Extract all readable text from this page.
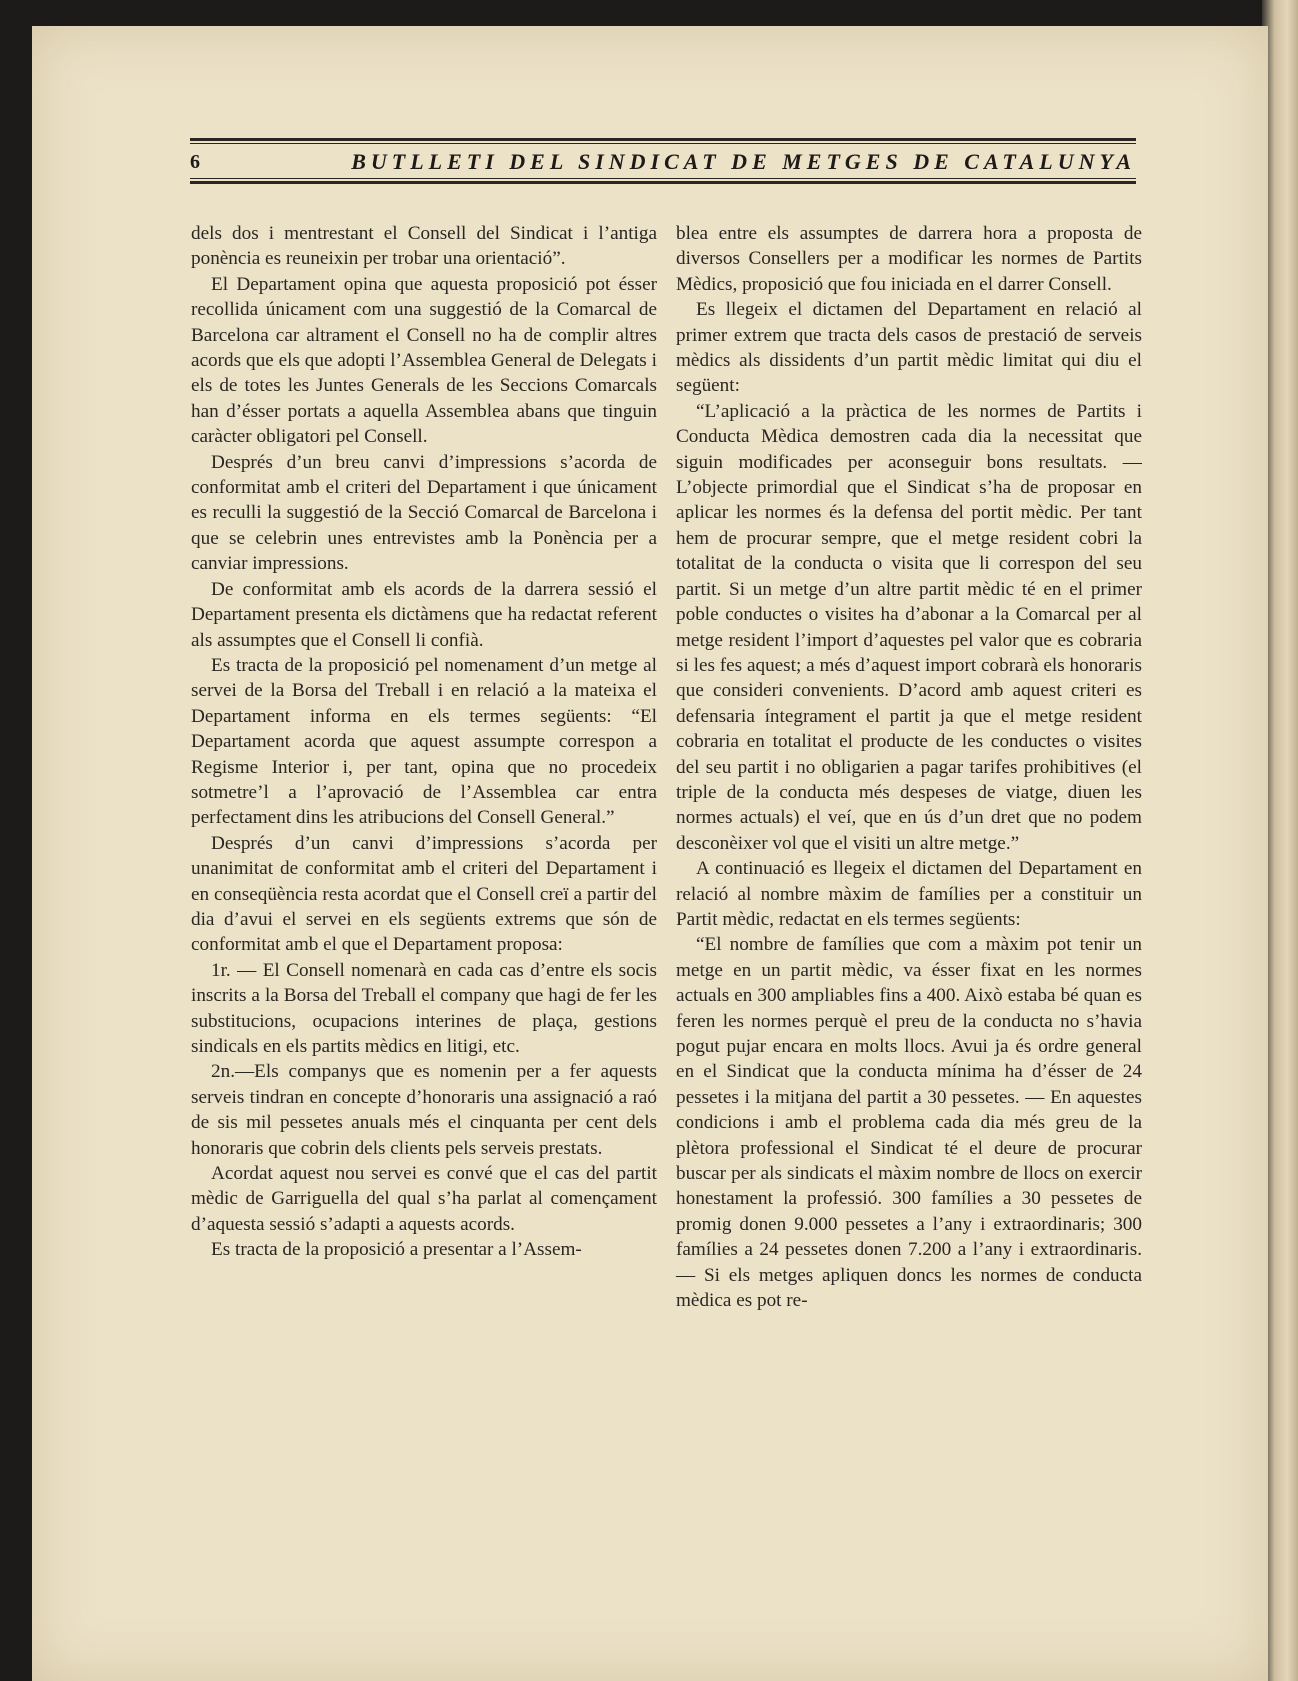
6	BUTLLETI DEL SINDICAT DE METGES DE CATALUNYA

dels dos i mentrestant el Consell del Sindicat i l’antiga ponència es reuneixin per trobar una orientació”.

El Departament opina que aquesta proposició pot ésser recollida únicament com una suggestió de la Comarcal de Barcelona car altrament el Consell no ha de complir altres acords que els que adopti l’Assemblea General de Delegats i els de totes les Juntes Generals de les Seccions Comarcals han d’ésser portats a aquella Assemblea abans que tinguin caràcter obligatori pel Consell.

Després d’un breu canvi d’impressions s’acorda de conformitat amb el criteri del Departament i que únicament es reculli la suggestió de la Secció Comarcal de Barcelona i que se celebrin unes entrevistes amb la Ponència per a canviar impressions.

De conformitat amb els acords de la darrera sessió el Departament presenta els dictàmens que ha redactat referent als assumptes que el Consell li confià.

Es tracta de la proposició pel nomenament d’un metge al servei de la Borsa del Treball i en relació a la mateixa el Departament informa en els termes següents: “El Departament acorda que aquest assumpte correspon a Regisme Interior i, per tant, opina que no procedeix sotmetre’l a l’aprovació de l’Assemblea car entra perfectament dins les atribucions del Consell General.”

Després d’un canvi d’impressions s’acorda per unanimitat de conformitat amb el criteri del Departament i en conseqüència resta acordat que el Consell creï a partir del dia d’avui el servei en els següents extrems que són de conformitat amb el que el Departament proposa:

1r. — El Consell nomenarà en cada cas d’entre els socis inscrits a la Borsa del Treball el company que hagi de fer les substitucions, ocupacions interines de plaça, gestions sindicals en els partits mèdics en litigi, etc.

2n.—Els companys que es nomenin per a fer aquests serveis tindran en concepte d’honoraris una assignació a raó de sis mil pessetes anuals més el cinquanta per cent dels honoraris que cobrin dels clients pels serveis prestats.

Acordat aquest nou servei es convé que el cas del partit mèdic de Garriguella del qual s’ha parlat al començament d’aquesta sessió s’adapti a aquests acords.

Es tracta de la proposició a presentar a l’Assem-

blea entre els assumptes de darrera hora a proposta de diversos Consellers per a modificar les normes de Partits Mèdics, proposició que fou iniciada en el darrer Consell.

Es llegeix el dictamen del Departament en relació al primer extrem que tracta dels casos de prestació de serveis mèdics als dissidents d’un partit mèdic limitat qui diu el següent:

“L’aplicació a la pràctica de les normes de Partits i Conducta Mèdica demostren cada dia la necessitat que siguin modificades per aconseguir bons resultats. — L’objecte primordial que el Sindicat s’ha de proposar en aplicar les normes és la defensa del portit mèdic. Per tant hem de procurar sempre, que el metge resident cobri la totalitat de la conducta o visita que li correspon del seu partit. Si un metge d’un altre partit mèdic té en el primer poble conductes o visites ha d’abonar a la Comarcal per al metge resident l’import d’aquestes pel valor que es cobraria si les fes aquest; a més d’aquest import cobrarà els honoraris que consideri convenients. D’acord amb aquest criteri es defensaria íntegrament el partit ja que el metge resident cobraria en totalitat el producte de les conductes o visites del seu partit i no obligarien a pagar tarifes prohibitives (el triple de la conducta més despeses de viatge, diuen les normes actuals) el veí, que en ús d’un dret que no podem desconèixer vol que el visiti un altre metge.”

A continuació es llegeix el dictamen del Departament en relació al nombre màxim de famílies per a constituir un Partit mèdic, redactat en els termes següents:

“El nombre de famílies que com a màxim pot tenir un metge en un partit mèdic, va ésser fixat en les normes actuals en 300 ampliables fins a 400. Això estaba bé quan es feren les normes perquè el preu de la conducta no s’havia pogut pujar encara en molts llocs. Avui ja és ordre general en el Sindicat que la conducta mínima ha d’ésser de 24 pessetes i la mitjana del partit a 30 pessetes. — En aquestes condicions i amb el problema cada dia més greu de la plètora professional el Sindicat té el deure de procurar buscar per als sindicats el màxim nombre de llocs on exercir honestament la professió. 300 famílies a 30 pessetes de promig donen 9.000 pessetes a l’any i extraordinaris; 300 famílies a 24 pessetes donen 7.200 a l’any i extraordinaris. — Si els metges apliquen doncs les normes de conducta mèdica es pot re-
